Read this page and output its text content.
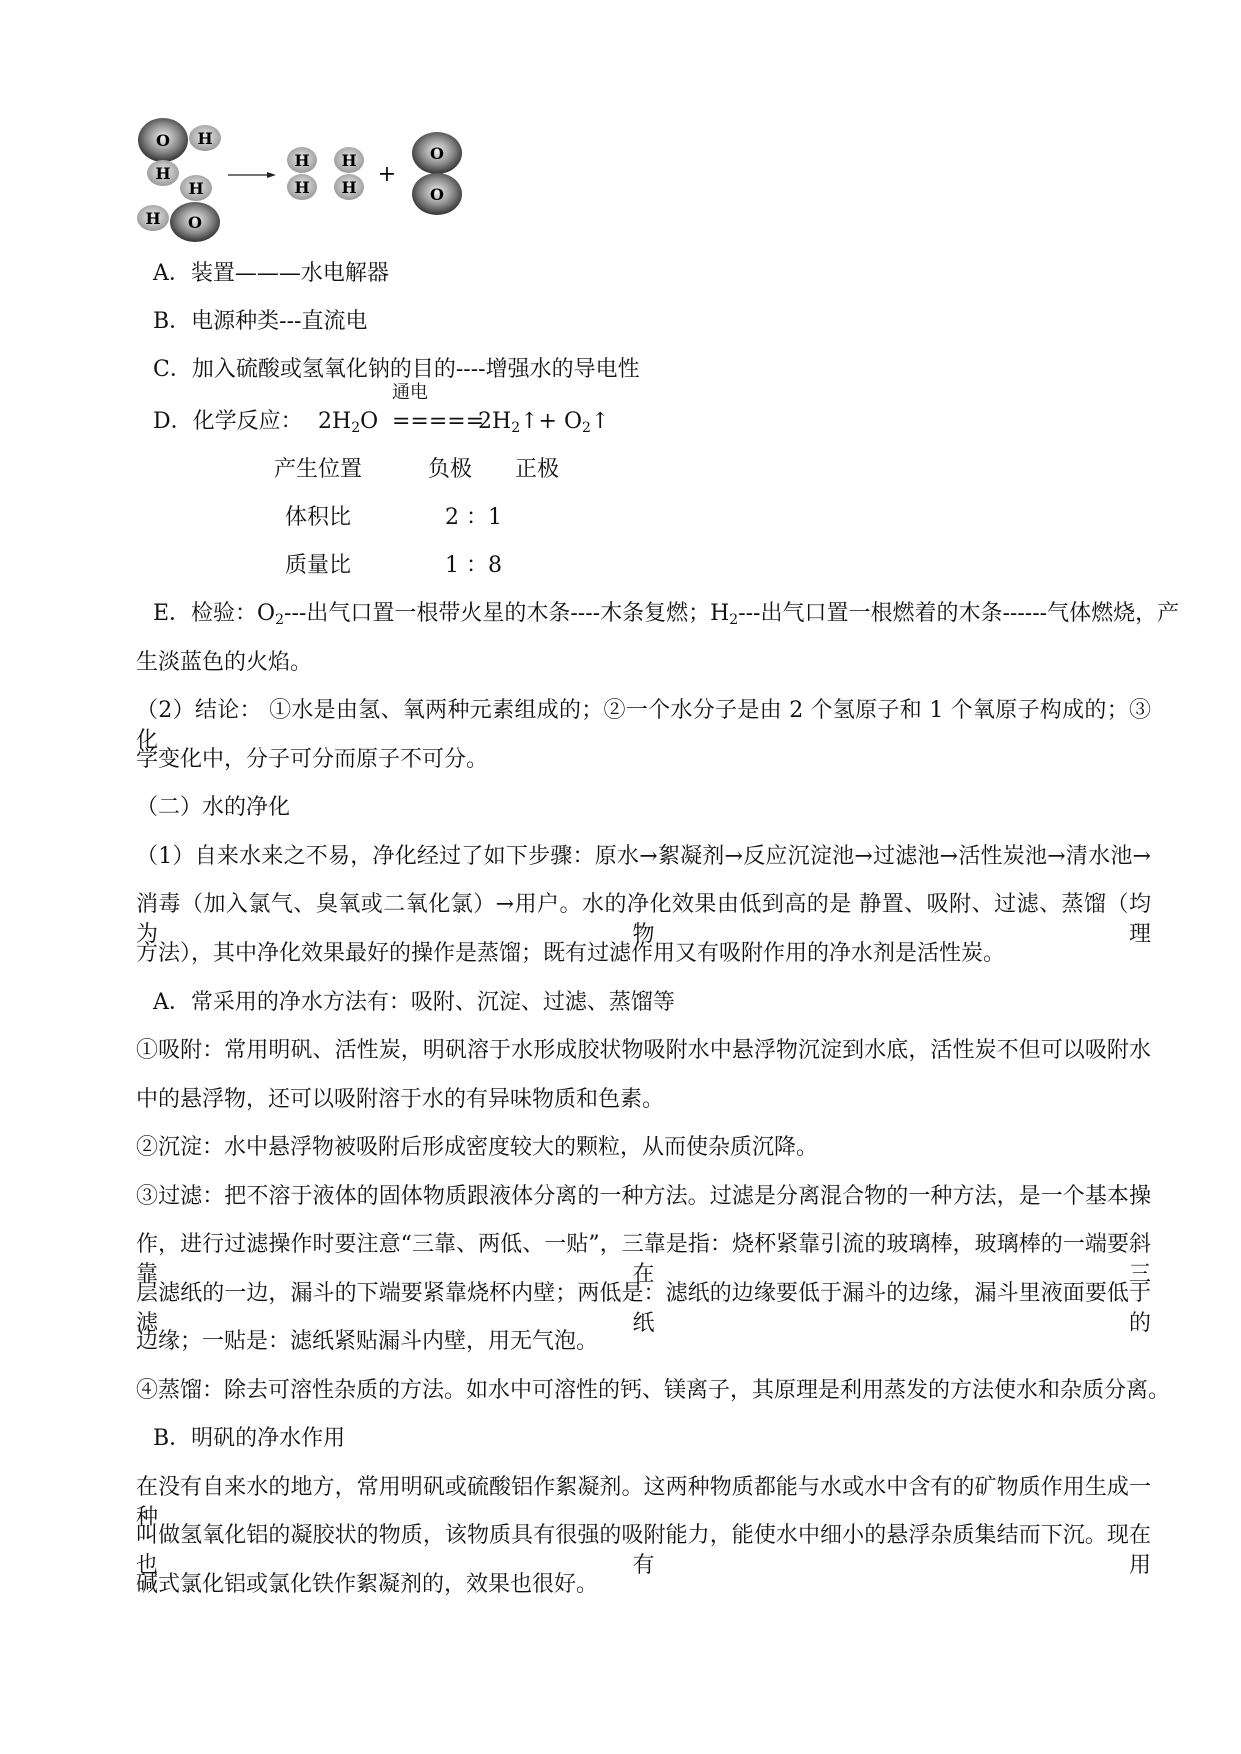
H
O
H
H
H O
H
H
H
H
+
O
O
A．装置———水电解器
B．电源种类---直流电
C．加入硫酸或氢氧化钠的目的----增强水的导电性
D．化学反应： $2H_2O$
通电
=====
$2H_2↑+$ $O_2↑$
产生位置	负极 正极
体积比	2 ：1
质量比	1 ：8
E．检验：$O_2---$出气口置一根带火星的木条----木条复燃；$H_2---$出气口置一根燃着的木条------气体燃烧，产
生淡蓝色的火焰。
（2）结论： ①水是由氢、氧两种元素组成的；②一个水分子是由 2 个氢原子和 1 个氧原子构成的；③化
学变化中，分子可分而原子不可分。
（二）水的净化
（1）自来水来之不易，净化经过了如下步骤：原水→絮凝剂→反应沉淀池→过滤池→活性炭池→清水池→
消毒（加入氯气、臭氧或二氧化氯）→用户。水的净化效果由低到高的是 静置、吸附、过滤、蒸馏（均为物理
方法），其中净化效果最好的操作是蒸馏；既有过滤作用又有吸附作用的净水剂是活性炭。
A．常采用的净水方法有：吸附、沉淀、过滤、蒸馏等
①吸附：常用明矾、活性炭，明矾溶于水形成胶状物吸附水中悬浮物沉淀到水底，活性炭不但可以吸附水
中的悬浮物，还可以吸附溶于水的有异味物质和色素。
②沉淀：水中悬浮物被吸附后形成密度较大的颗粒，从而使杂质沉降。
③过滤：把不溶于液体的固体物质跟液体分离的一种方法。过滤是分离混合物的一种方法，是一个基本操
作，进行过滤操作时要注意“三靠、两低、一贴”，三靠是指：烧杯紧靠引流的玻璃棒，玻璃棒的一端要斜靠在三
层滤纸的一边，漏斗的下端要紧靠烧杯内壁；两低是：滤纸的边缘要低于漏斗的边缘，漏斗里液面要低于滤纸的
边缘；一贴是：滤纸紧贴漏斗内壁，用无气泡。
④蒸馏：除去可溶性杂质的方法。如水中可溶性的钙、镁离子，其原理是利用蒸发的方法使水和杂质分离。
B．明矾的净水作用
在没有自来水的地方，常用明矾或硫酸铝作絮凝剂。这两种物质都能与水或水中含有的矿物质作用生成一种
叫做氢氧化铝的凝胶状的物质，该物质具有很强的吸附能力，能使水中细小的悬浮杂质集结而下沉。现在也有用
碱式氯化铝或氯化铁作絮凝剂的，效果也很好。
